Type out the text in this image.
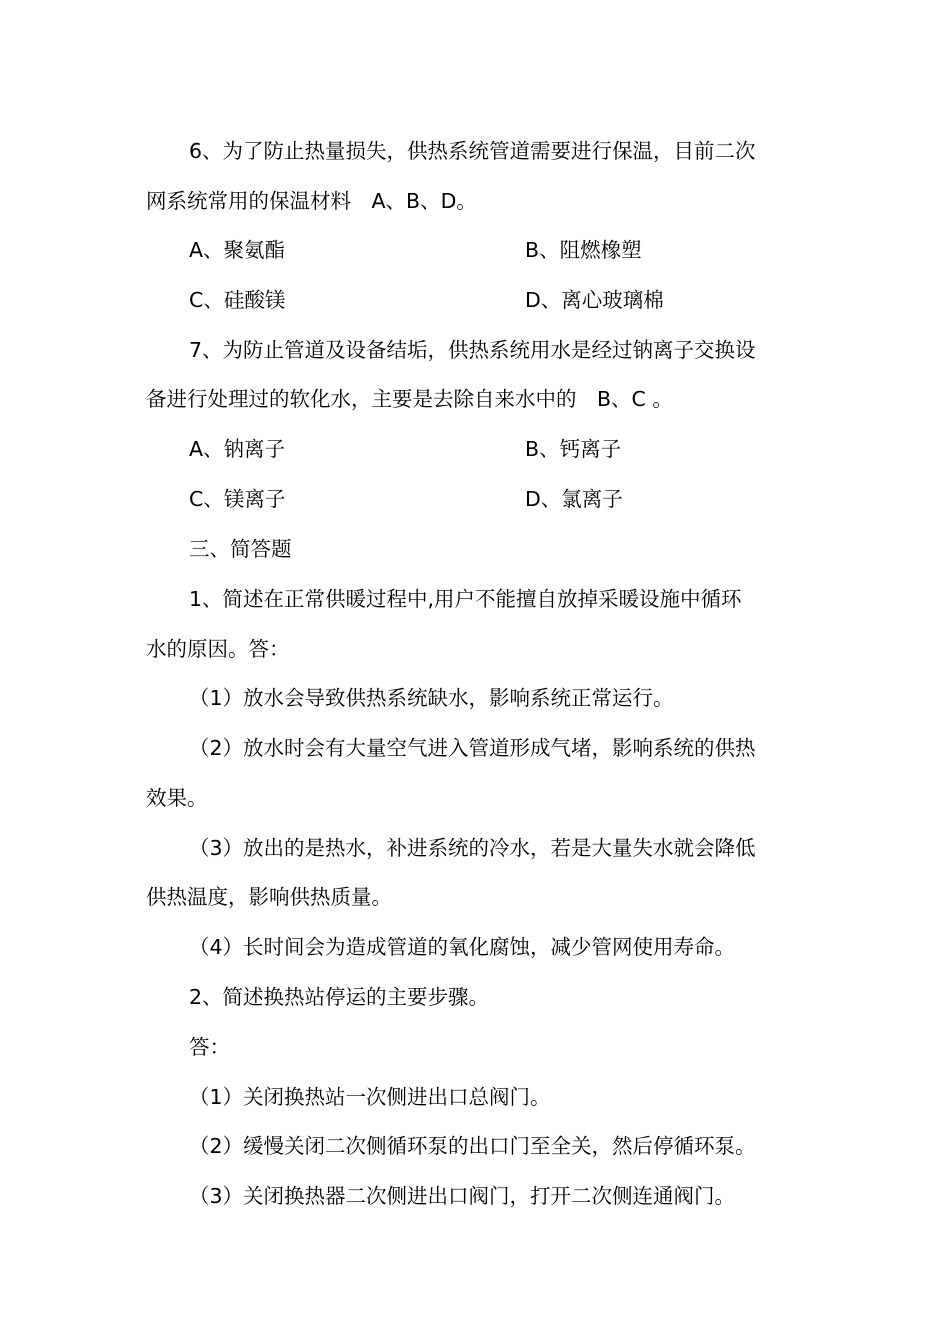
6、为了防止热量损失，供热系统管道需要进行保温，目前二次
网系统常用的保温材料　A、B、D。
A、聚氨酯	B、阻燃橡塑
C、硅酸镁	D、离心玻璃棉
7、为防止管道及设备结垢，供热系统用水是经过钠离子交换设
备进行处理过的软化水，主要是去除自来水中的　B、C 。
A、钠离子	B、钙离子
C、镁离子	D、氯离子
三、简答题
1、简述在正常供暖过程中,用户不能擅自放掉采暖设施中循环
水的原因。答：
（1）放水会导致供热系统缺水，影响系统正常运行。
（2）放水时会有大量空气进入管道形成气堵，影响系统的供热
效果。
（3）放出的是热水，补进系统的冷水，若是大量失水就会降低
供热温度，影响供热质量。
（4）长时间会为造成管道的氧化腐蚀，减少管网使用寿命。
2、简述换热站停运的主要步骤。
答：
（1）关闭换热站一次侧进出口总阀门。
（2）缓慢关闭二次侧循环泵的出口门至全关，然后停循环泵。
（3）关闭换热器二次侧进出口阀门，打开二次侧连通阀门。
